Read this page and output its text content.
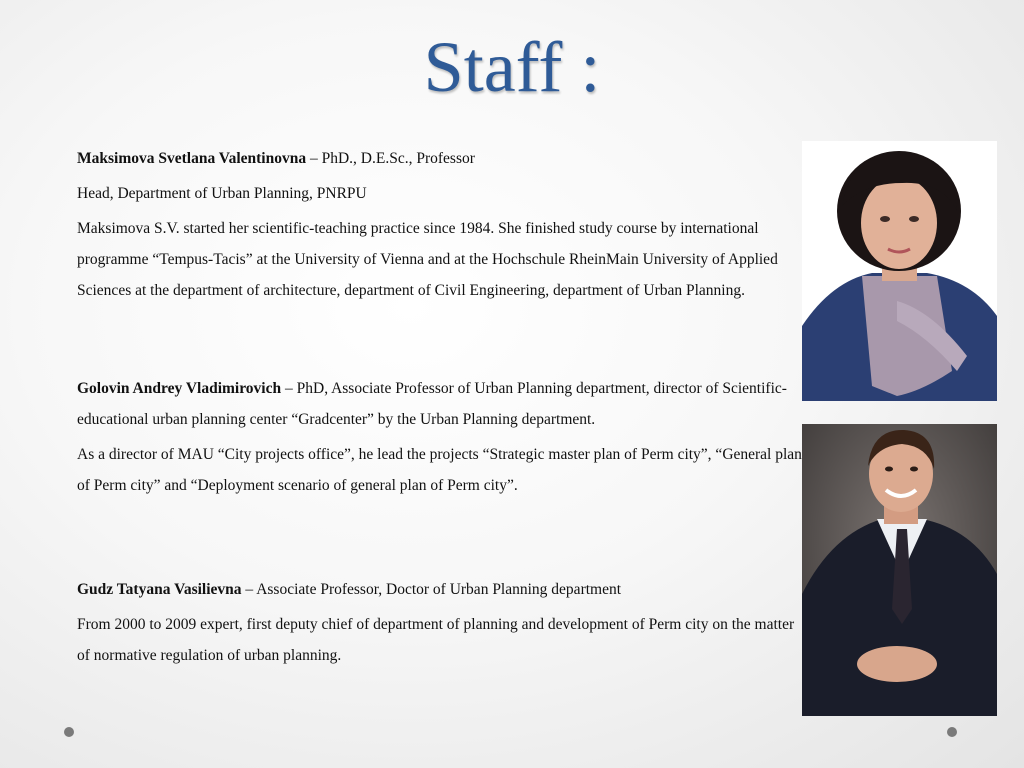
Staff :

Maksimova Svetlana Valentinovna – PhD., D.E.Sc., Professor

Head, Department of Urban Planning, PNRPU

Maksimova S.V. started her scientific-teaching practice since 1984. She finished study course by international programme “Tempus-Tacis” at the University of Vienna and at the Hochschule RheinMain University of Applied Sciences at the department of architecture, department of Civil Engineering, department of Urban Planning.

Golovin Andrey Vladimirovich – PhD, Associate Professor of Urban Planning department, director of Scientific-educational urban planning center “Gradcenter” by the Urban Planning department.

As a director of MAU “City projects office”, he lead the projects “Strategic master plan of Perm city”, “General plan of Perm city” and “Deployment scenario of general plan of Perm city”.

Gudz Tatyana Vasilievna – Associate Professor, Doctor of Urban Planning department

From 2000 to 2009 expert, first deputy chief of department of planning and development of Perm city on the matter of normative regulation of urban planning.
